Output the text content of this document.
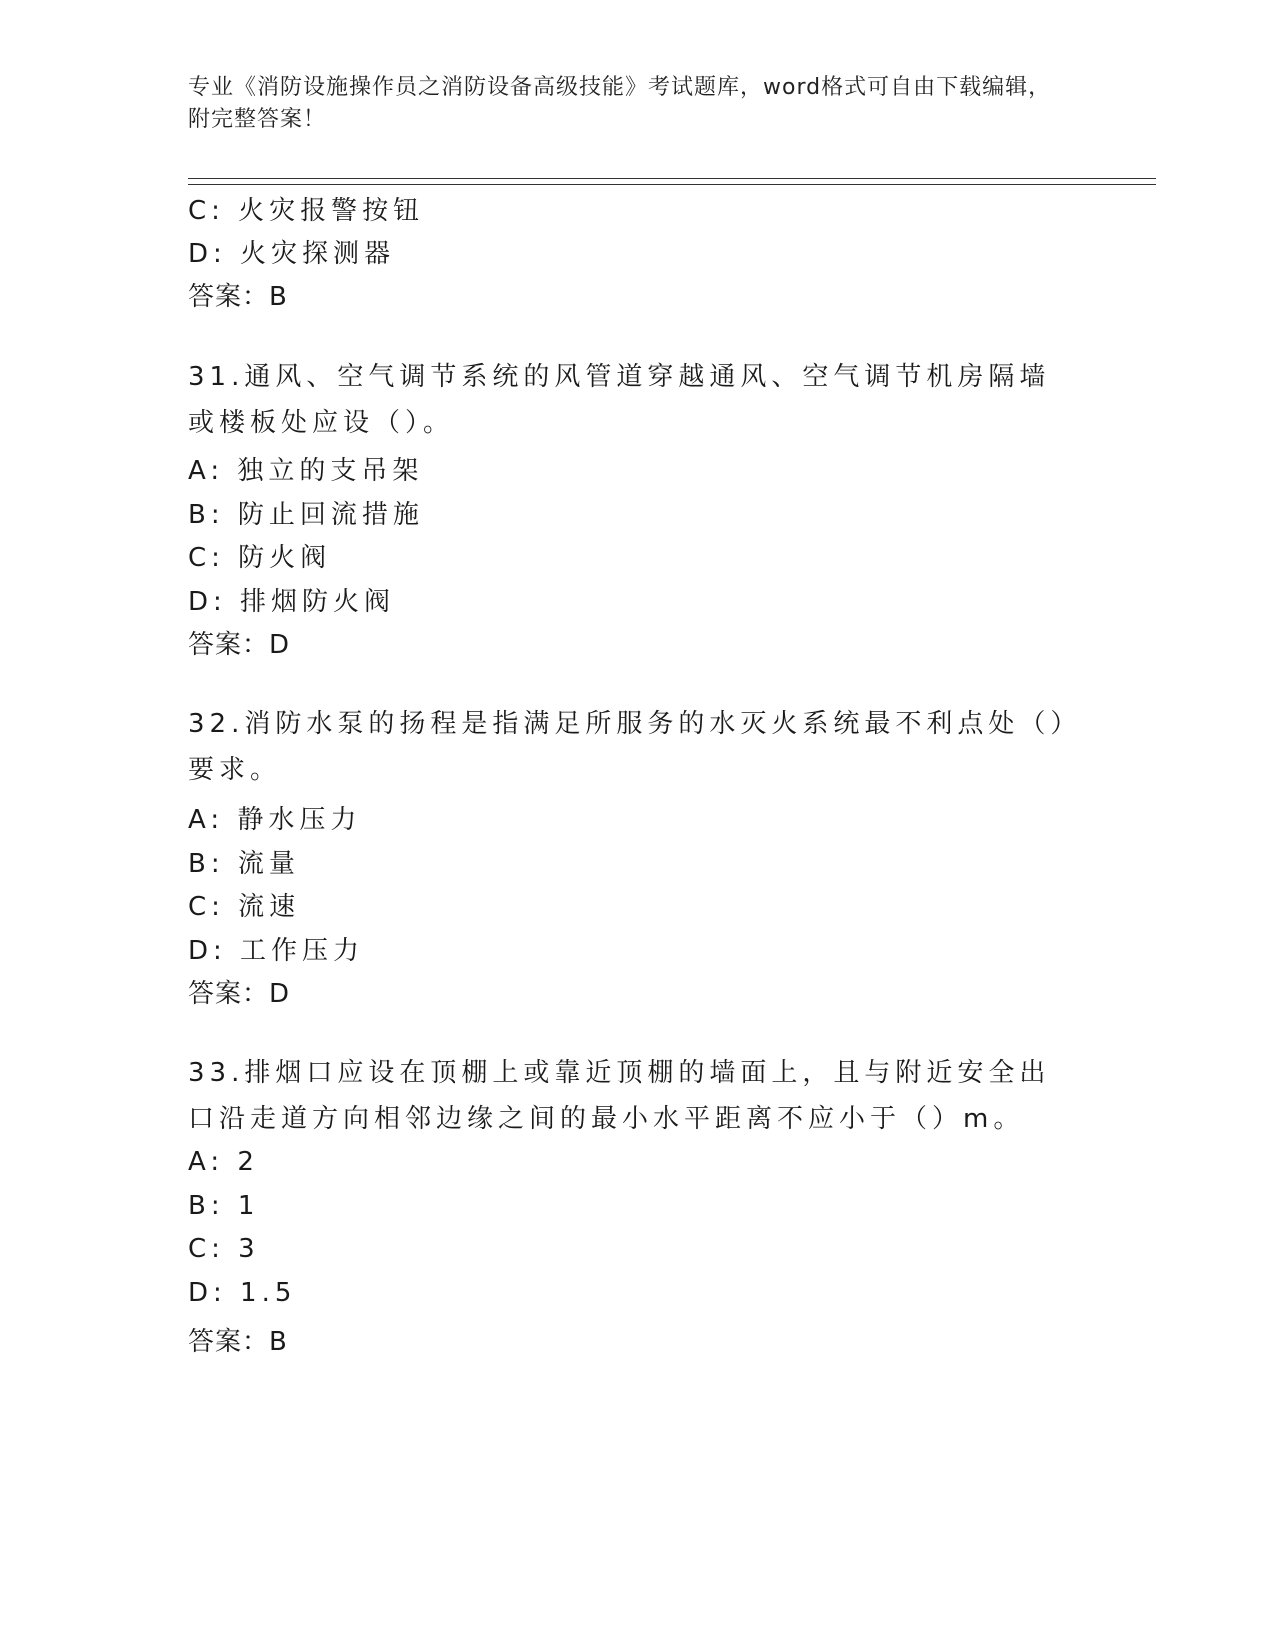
专业《消防设施操作员之消防设备高级技能》考试题库，word格式可自由下载编辑，附完整答案！
C: 火灾报警按钮
D: 火灾探测器
答案：B
31.通风、空气调节系统的风管道穿越通风、空气调节机房隔墙或楼板处应设（）。
A: 独立的支吊架
B: 防止回流措施
C: 防火阀
D: 排烟防火阀
答案：D
32.消防水泵的扬程是指满足所服务的水灭火系统最不利点处（）要求。
A: 静水压力
B: 流量
C: 流速
D: 工作压力
答案：D
33.排烟口应设在顶棚上或靠近顶棚的墙面上，且与附近安全出口沿走道方向相邻边缘之间的最小水平距离不应小于（）m。
A: 2
B: 1
C: 3
D: 1.5
答案：B
